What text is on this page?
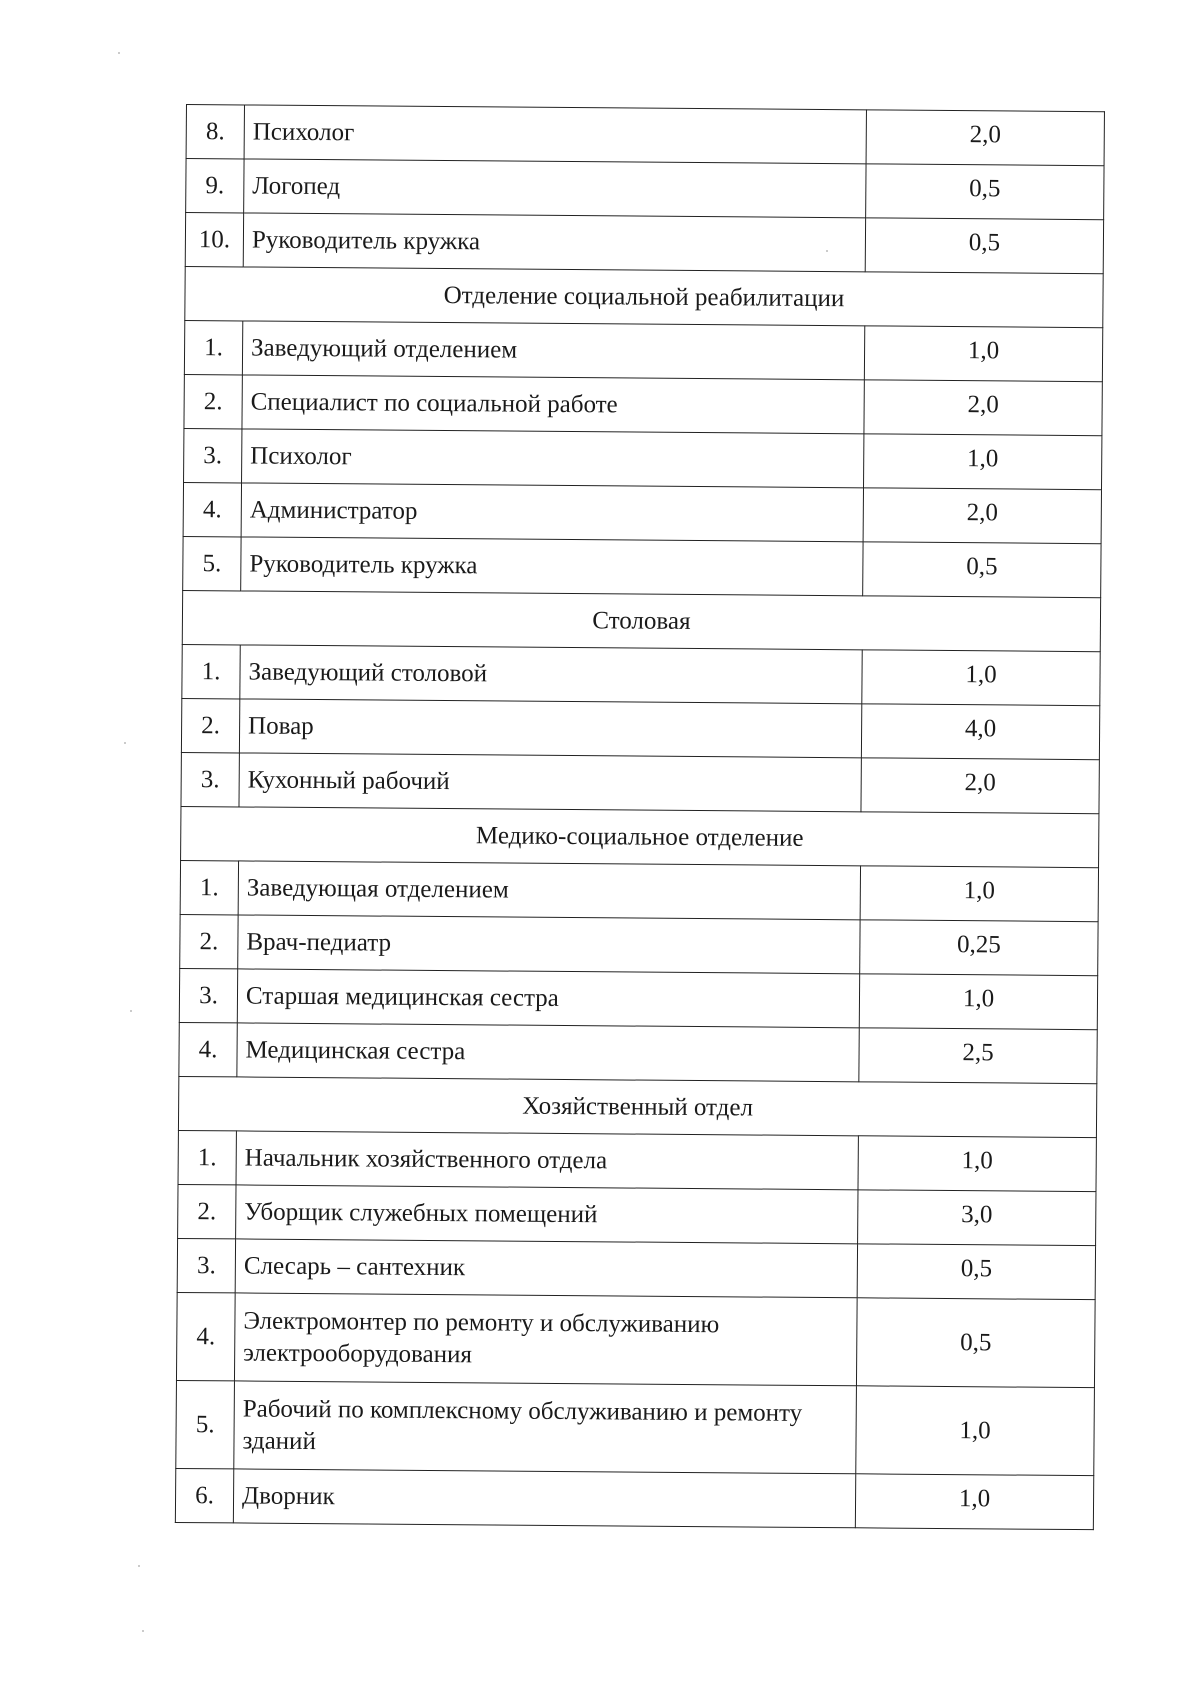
8.	Психолог	2,0
9.	Логопед	0,5
10.	Руководитель кружка	0,5
Отделение социальной реабилитации		
1.	Заведующий отделением	1,0
2.	Специалист по социальной работе	2,0
3.	Психолог	1,0
4.	Администратор	2,0
5.	Руководитель кружка	0,5
Столовая		
1.	Заведующий столовой	1,0
2.	Повар	4,0
3.	Кухонный рабочий	2,0
Медико-социальное отделение		
1.	Заведующая отделением	1,0
2.	Врач-педиатр	0,25
3.	Старшая медицинская сестра	1,0
4.	Медицинская сестра	2,5
Хозяйственный отдел		
1.	Начальник хозяйственного отдела	1,0
2.	Уборщик служебных помещений	3,0
3.	Слесарь – сантехник	0,5
4.	Электромонтер по ремонту и обслуживанию электрооборудования	0,5
5.	Рабочий по комплексному обслуживанию и ремонту зданий	1,0
6.	Дворник	1,0
